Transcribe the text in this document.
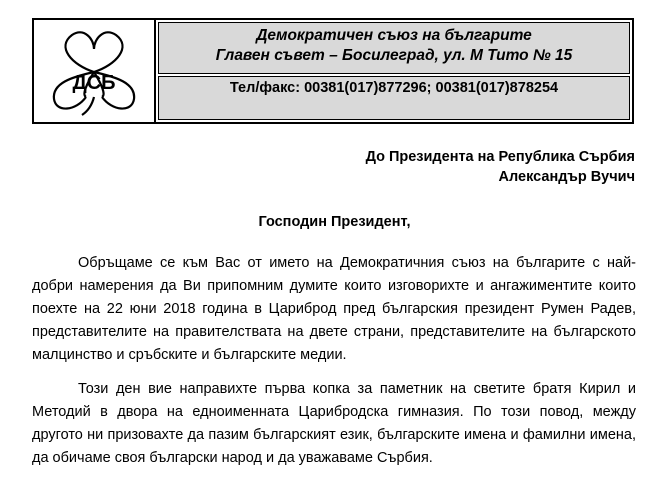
ДСБ
Демократичен съюз на българите
Главен съвет – Босилеград, ул. М Тито № 15
Тел/факс: 00381(017)877296; 00381(017)878254
До Президента на Република Сърбия
Александър Вучич
Господин Президент,

Обръщаме се към Вас от името на Демократичния съюз на българите с най-добри намерения да Ви припомним думите които изговорихте и ангажиментите които поехте на 22 юни 2018 година в Цариброд пред българския президент Румен Радев, представителите на правителствата на двете страни, представителите на българското малцинство и сръбските и българските медии.

Този ден вие направихте първа копка за паметник на светите братя Кирил и Методий в двора на едноименната Царибродска гимназия. По този повод, между другото ни призовахте да пазим българският език, българските имена и фамилни имена, да обичаме своя български народ и да уважаваме Сърбия.
